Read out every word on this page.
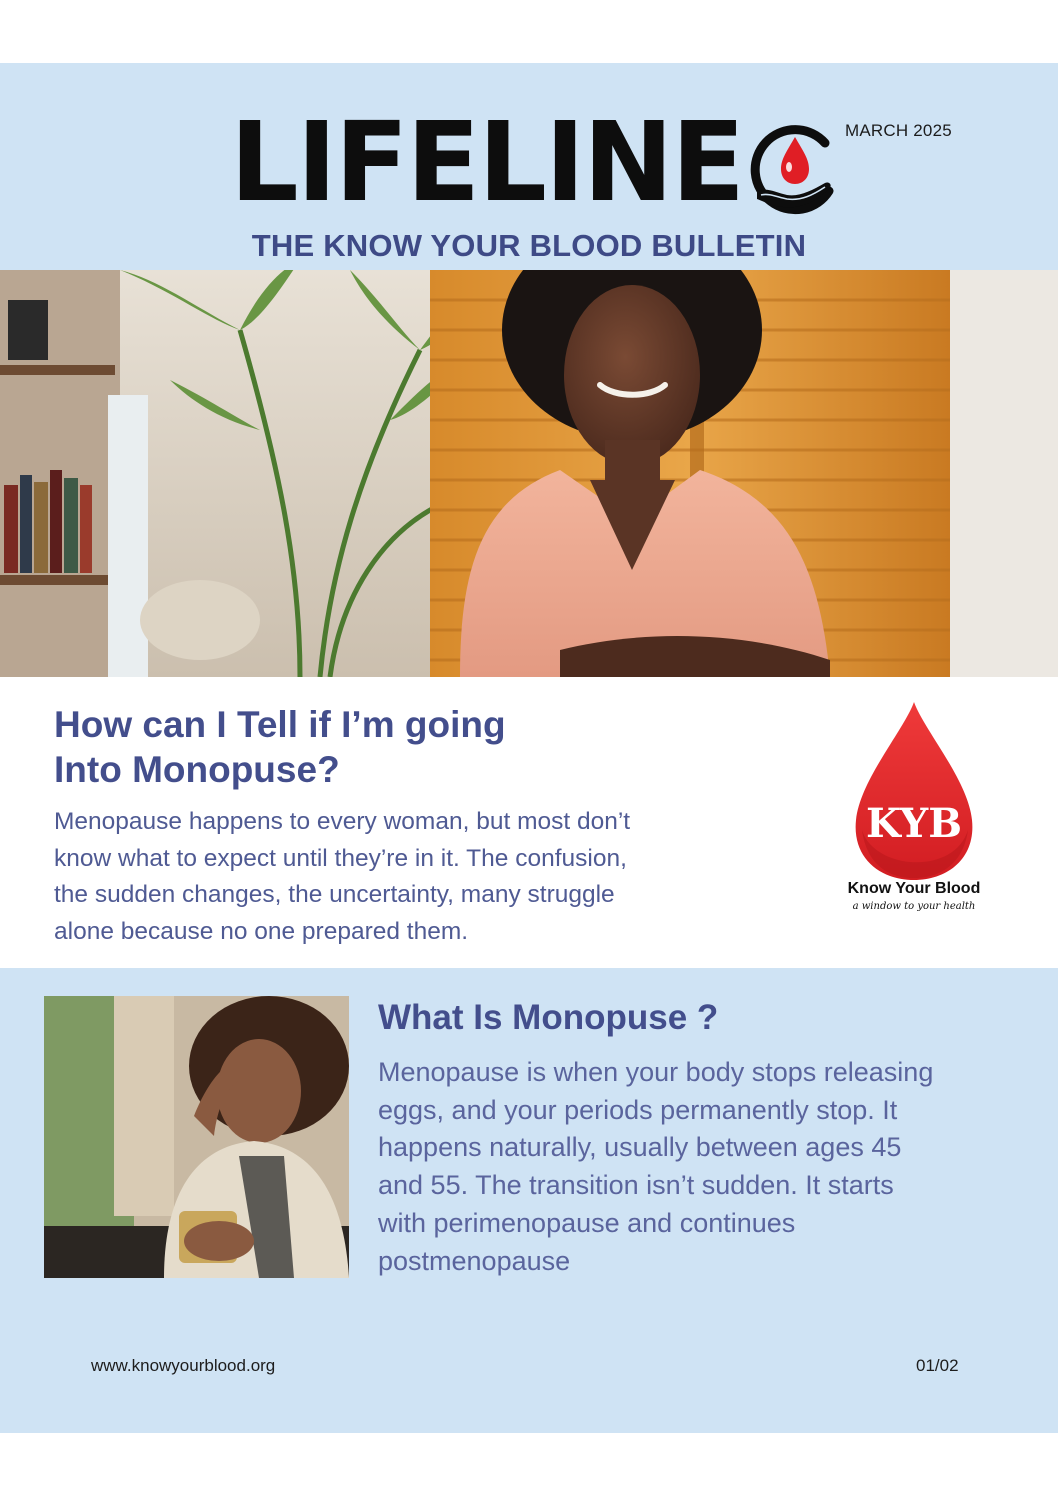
LIFELINE	MARCH 2025
THE KNOW YOUR BLOOD BULLETIN
How can I Tell if I’m going
Into Monopuse?
Menopause happens to every woman, but most don’t
know what to expect until they’re in it. The confusion,
the sudden changes, the uncertainty, many struggle
alone because no one prepared them.
KYB
Know Your Blood
a window to your health
What Is Monopuse ?
Menopause is when your body stops releasing
eggs, and your periods permanently stop. It
happens naturally, usually between ages 45
and 55. The transition isn’t sudden. It starts
with perimenopause and continues
postmenopause
www.knowyourblood.org	01/02
